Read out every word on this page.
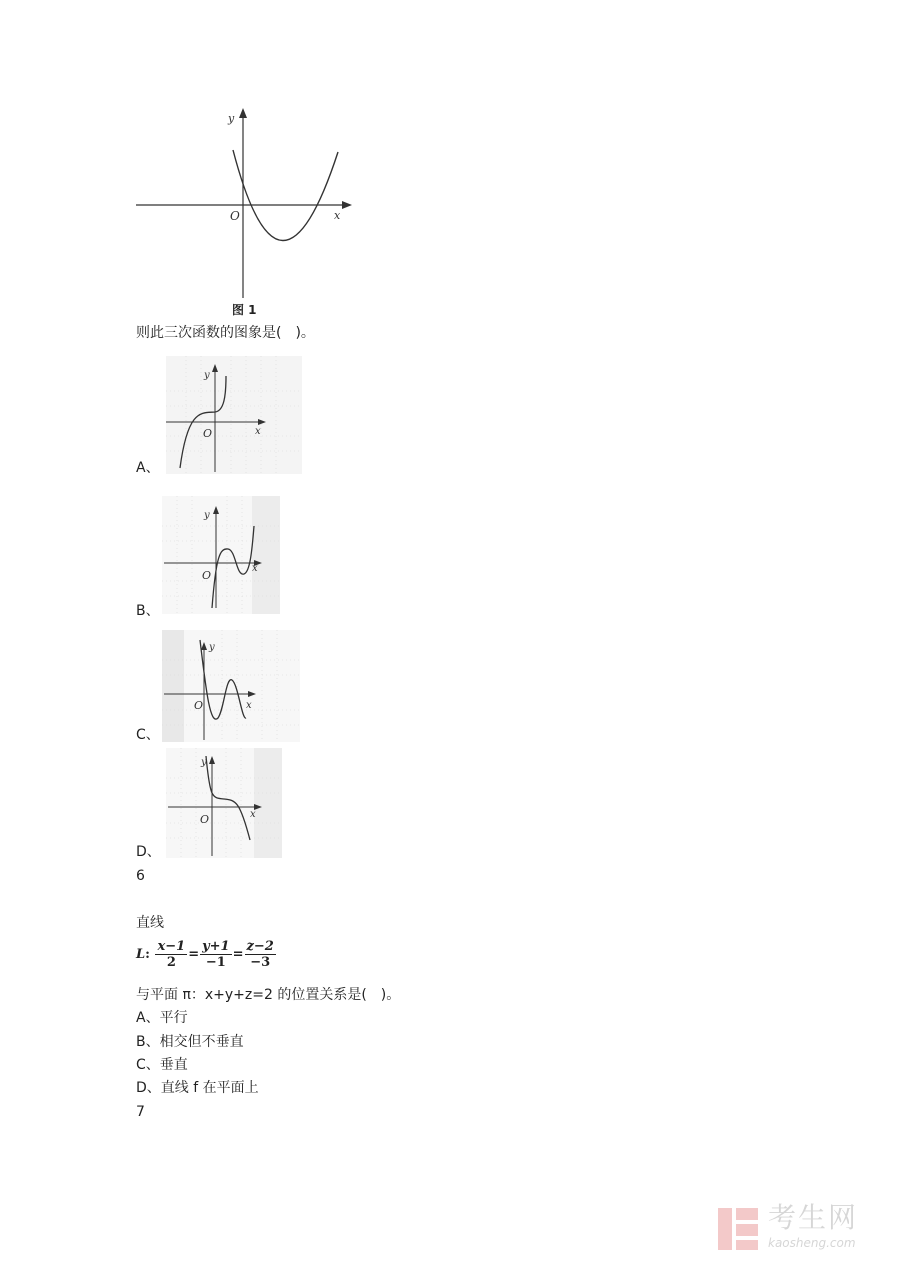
y
x
O
图 1
则此三次函数的图象是(　)。
A、
y
x
O
B、
y
x
O
C、
y
x
O
D、
y
x
O
6
直线
L: $\frac{x-1}{2} = \frac{y+1}{-1} = \frac{z-2}{-3}$
与平面 π：x+y+z=2 的位置关系是(　)。
A、平行
B、相交但不垂直
C、垂直
D、直线 f 在平面上
7
考生网
kaosheng.com
